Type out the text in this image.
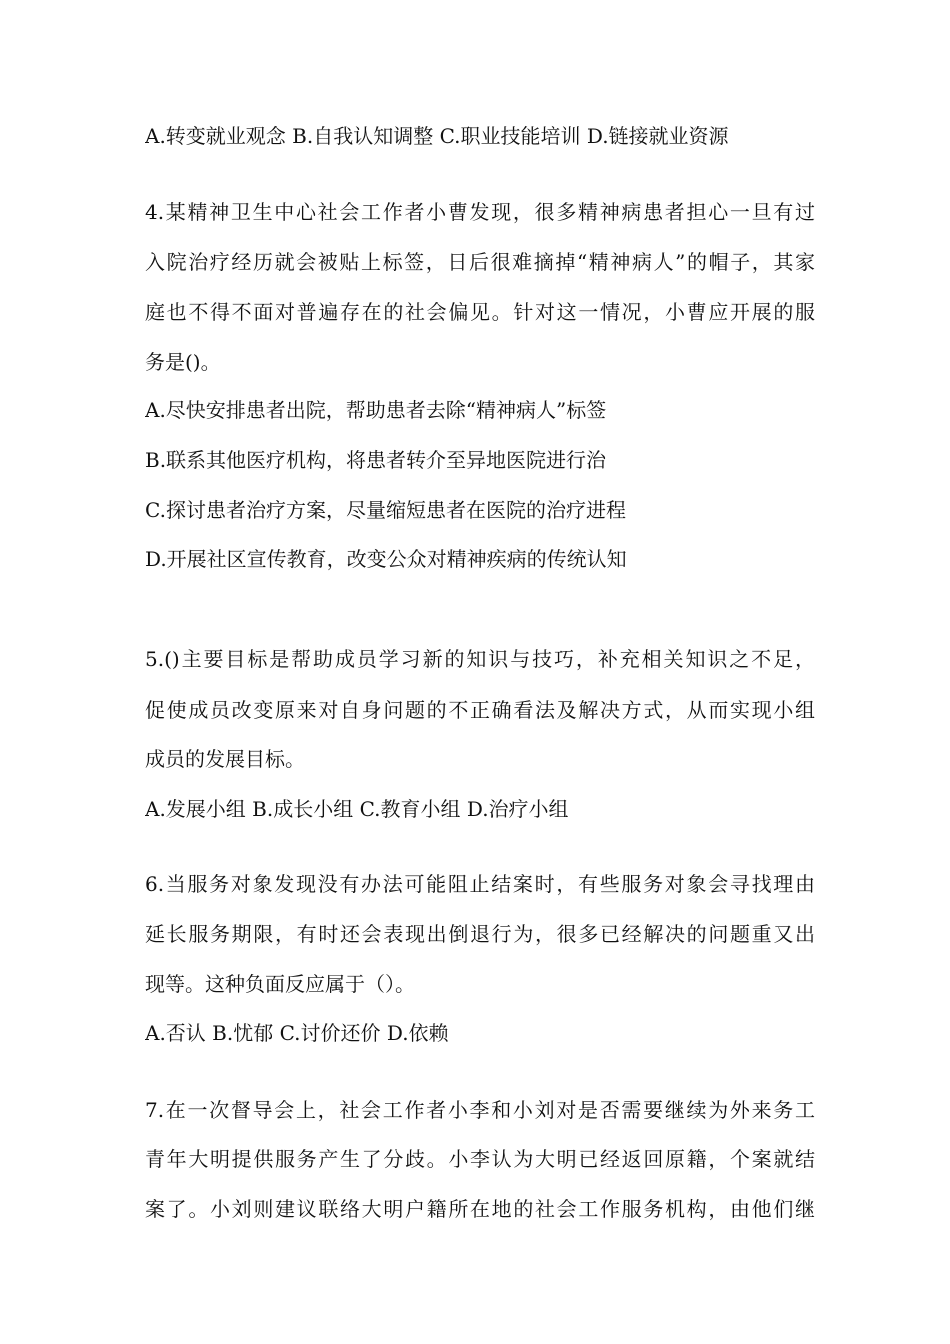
A.转变就业观念 B.自我认知调整 C.职业技能培训 D.链接就业资源
4.某精神卫生中心社会工作者小曹发现，很多精神病患者担心一旦有过
入院治疗经历就会被贴上标签，日后很难摘掉“精神病人”的帽子，其家
庭也不得不面对普遍存在的社会偏见。针对这一情况，小曹应开展的服
务是()。
A.尽快安排患者出院，帮助患者去除“精神病人”标签
B.联系其他医疗机构，将患者转介至异地医院进行治
C.探讨患者治疗方案，尽量缩短患者在医院的治疗进程
D.开展社区宣传教育，改变公众对精神疾病的传统认知
5.()主要目标是帮助成员学习新的知识与技巧，补充相关知识之不足，
促使成员改变原来对自身问题的不正确看法及解决方式，从而实现小组
成员的发展目标。
A.发展小组 B.成长小组 C.教育小组 D.治疗小组
6.当服务对象发现没有办法可能阻止结案时，有些服务对象会寻找理由
延长服务期限，有时还会表现出倒退行为，很多已经解决的问题重又出
现等。这种负面反应属于（）。
A.否认 B.忧郁 C.讨价还价 D.依赖
7.在一次督导会上，社会工作者小李和小刘对是否需要继续为外来务工
青年大明提供服务产生了分歧。小李认为大明已经返回原籍，个案就结
案了。小刘则建议联络大明户籍所在地的社会工作服务机构，由他们继
